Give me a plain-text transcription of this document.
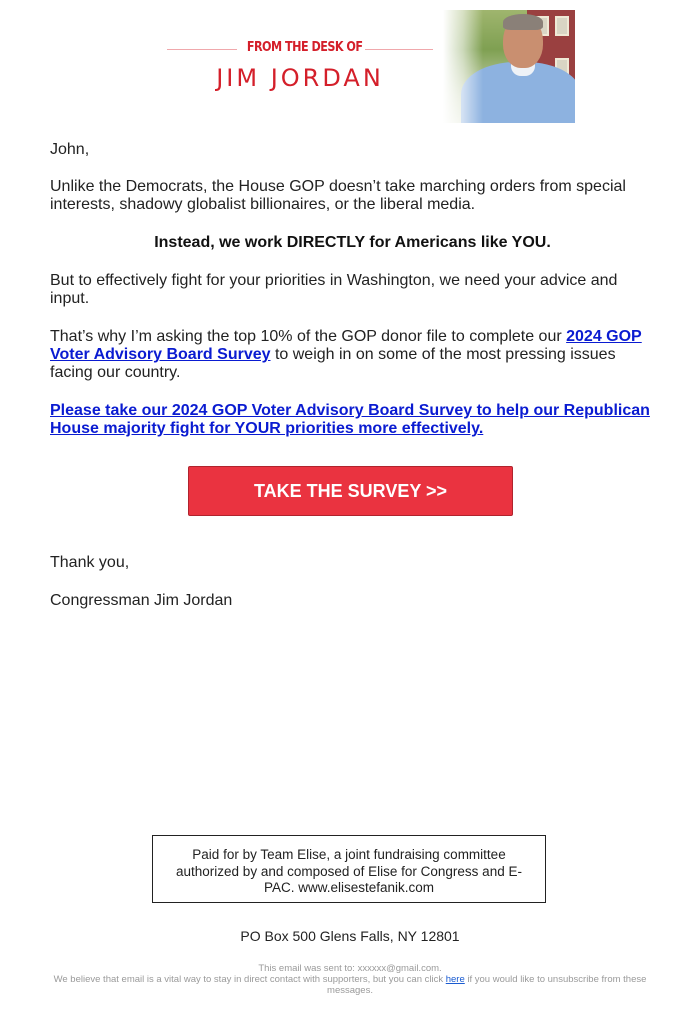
FROM THE DESK OF
JIM JORDAN
John,
Unlike the Democrats, the House GOP doesn’t take marching orders from special interests, shadowy globalist billionaires, or the liberal media.
Instead, we work DIRECTLY for Americans like YOU.
But to effectively fight for your priorities in Washington, we need your advice and input.
That’s why I’m asking the top 10% of the GOP donor file to complete our 2024 GOP Voter Advisory Board Survey to weigh in on some of the most pressing issues facing our country.
Please take our 2024 GOP Voter Advisory Board Survey to help our Republican House majority fight for YOUR priorities more effectively.
TAKE THE SURVEY >>
Thank you,
Congressman Jim Jordan
Paid for by Team Elise, a joint fundraising committee authorized by and composed of Elise for Congress and E-PAC. www.elisestefanik.com
PO Box 500 Glens Falls, NY 12801
This email was sent to: xxxxxx@gmail.com.
We believe that email is a vital way to stay in direct contact with supporters, but you can click here if you would like to unsubscribe from these messages.
